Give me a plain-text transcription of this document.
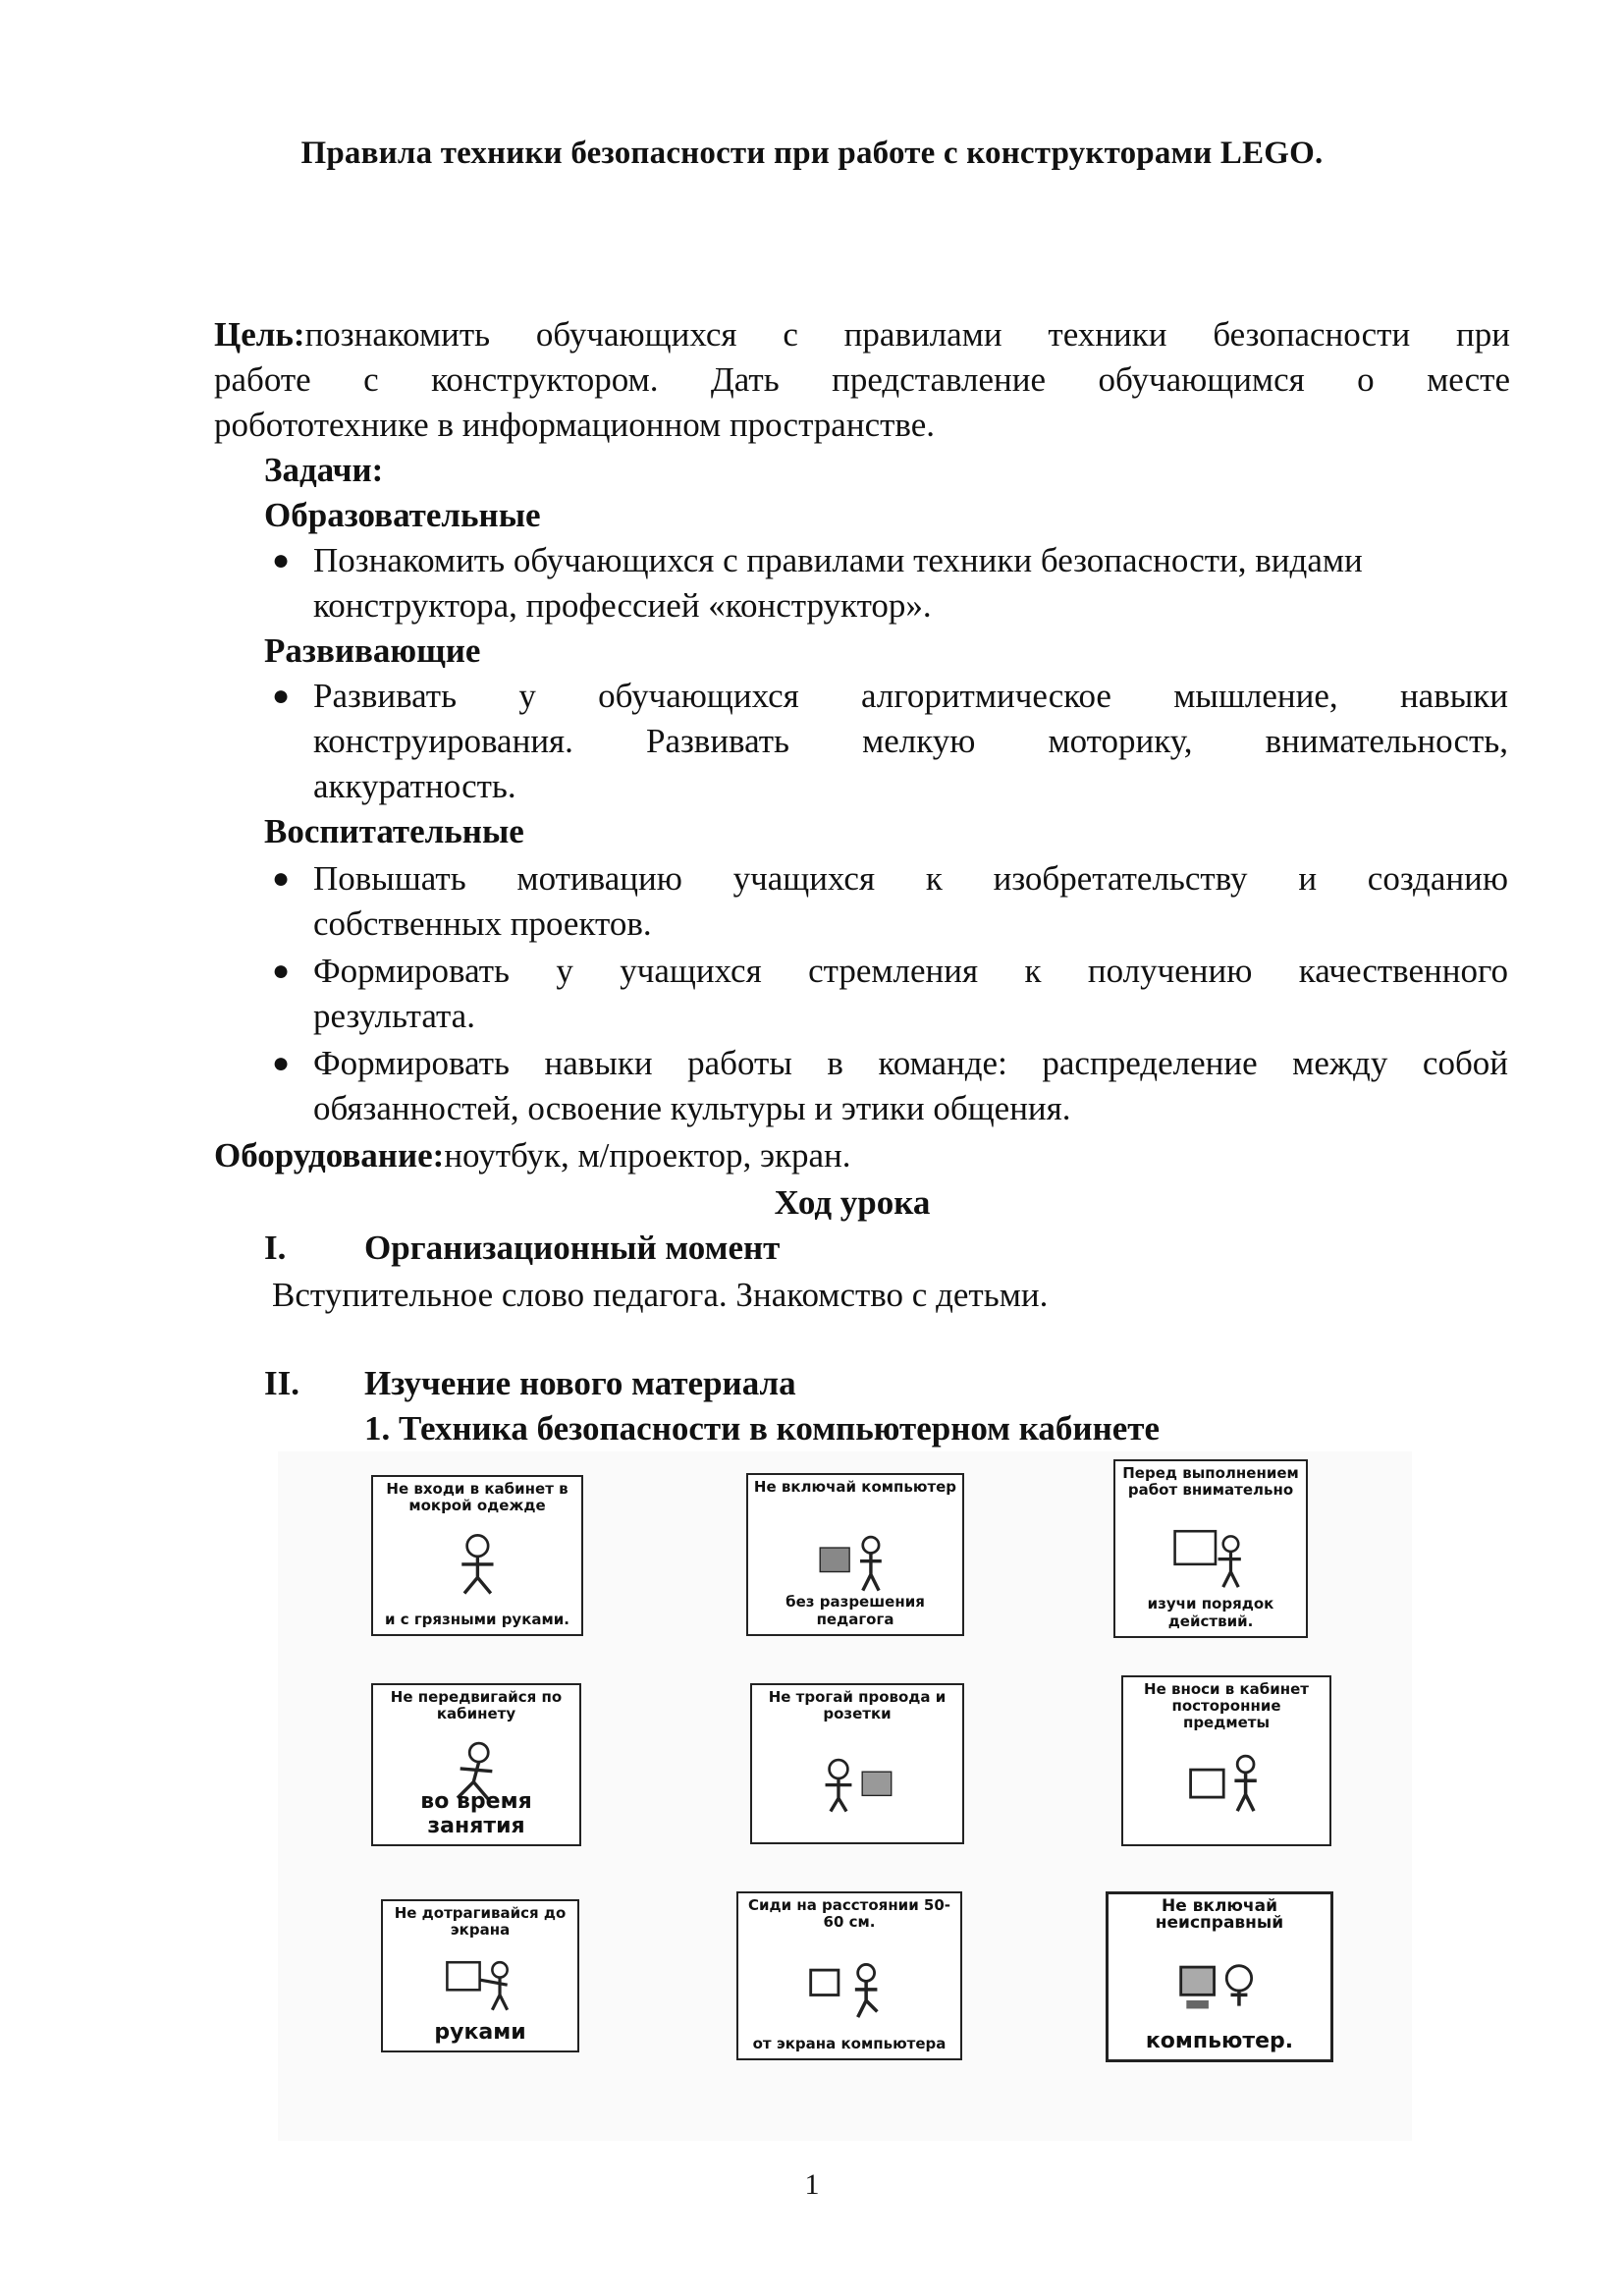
Правила техники безопасности при работе с конструкторами LEGO.
Цель:познакомить обучающихся с правилами техники безопасности при
работе с конструктором. Дать представление обучающимся о месте
робототехнике в информационном пространстве.
Задачи:
Образовательные
● Познакомить обучающихся с правилами техники безопасности, видами
конструктора, профессией «конструктор».
Развивающие
● Развивать у обучающихся алгоритмическое мышление, навыки
конструирования. Развивать мелкую моторику, внимательность,
аккуратность.
Воспитательные
● Повышать мотивацию учащихся к изобретательству и созданию
собственных проектов.
● Формировать у учащихся стремления к получению качественного
результата.
● Формировать навыки работы в команде: распределение между собой
обязанностей, освоение культуры и этики общения.
Оборудование:ноутбук, м/проектор, экран.
Ход урока
I. Организационный момент
Вступительное слово педагога. Знакомство с детьми.
II. Изучение нового материала
1. Техника безопасности в компьютерном кабинете
Не входи в кабинет в мокрой одежде
и с грязными руками.
Не включай компьютер
без разрешения педагога
Перед выполнением работ внимательно
изучи порядок действий.
Не передвигайся по кабинету
во время занятия
Не трогай провода и розетки
Не вноси в кабинет посторонние предметы
Не дотрагивайся до экрана
руками
Сиди на расстоянии 50-60 см.
от экрана компьютера
Не включай неисправный
компьютер.
1
